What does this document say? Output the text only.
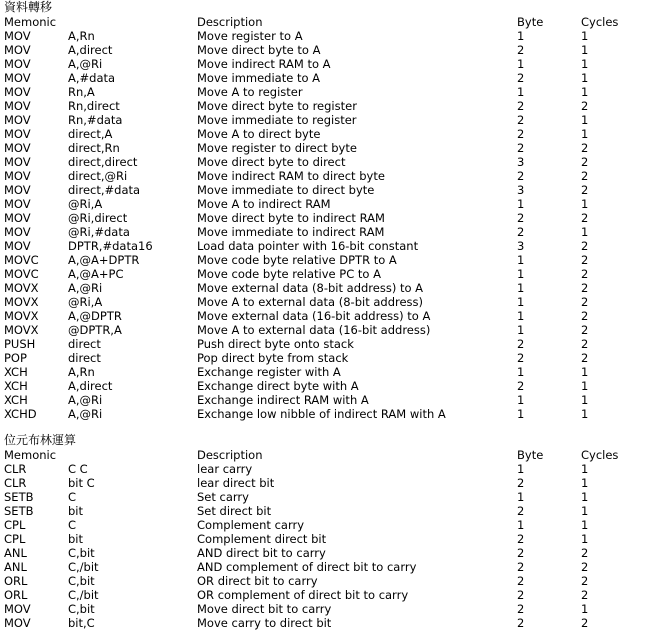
資料轉移
Memonic	Description	Byte	Cycles
MOV	A,Rn	Move register to A	1	1
MOV	A,direct	Move direct byte to A	2	1
MOV	A,@Ri	Move indirect RAM to A	1	1
MOV	A,#data	Move immediate to A	2	1
MOV	Rn,A	Move A to register	1	1
MOV	Rn,direct	Move direct byte to register	2	2
MOV	Rn,#data	Move immediate to register	2	1
MOV	direct,A	Move A to direct byte	2	1
MOV	direct,Rn	Move register to direct byte	2	2
MOV	direct,direct	Move direct byte to direct	3	2
MOV	direct,@Ri	Move indirect RAM to direct byte	2	2
MOV	direct,#data	Move immediate to direct byte	3	2
MOV	@Ri,A	Move A to indirect RAM	1	1
MOV	@Ri,direct	Move direct byte to indirect RAM	2	2
MOV	@Ri,#data	Move immediate to indirect RAM	2	1
MOV	DPTR,#data16	Load data pointer with 16-bit constant	3	2
MOVC	A,@A+DPTR	Move code byte relative DPTR to A	1	2
MOVC	A,@A+PC	Move code byte relative PC to A	1	2
MOVX	A,@Ri	Move external data (8-bit address) to A	1	2
MOVX	@Ri,A	Move A to external data (8-bit address)	1	2
MOVX	A,@DPTR	Move external data (16-bit address) to A	1	2
MOVX	@DPTR,A	Move A to external data (16-bit address)	1	2
PUSH	direct	Push direct byte onto stack	2	2
POP	direct	Pop direct byte from stack	2	2
XCH	A,Rn	Exchange register with A	1	1
XCH	A,direct	Exchange direct byte with A	2	1
XCH	A,@Ri	Exchange indirect RAM with A	1	1
XCHD	A,@Ri	Exchange low nibble of indirect RAM with A	1	1
位元布林運算
Memonic	Description	Byte	Cycles
CLR	C C	lear carry	1	1
CLR	bit C	lear direct bit	2	1
SETB	C	Set carry	1	1
SETB	bit	Set direct bit	2	1
CPL	C	Complement carry	1	1
CPL	bit	Complement direct bit	2	1
ANL	C,bit	AND direct bit to carry	2	2
ANL	C,/bit	AND complement of direct bit to carry	2	2
ORL	C,bit	OR direct bit to carry	2	2
ORL	C,/bit	OR complement of direct bit to carry	2	2
MOV	C,bit	Move direct bit to carry	2	1
MOV	bit,C	Move carry to direct bit	2	2
